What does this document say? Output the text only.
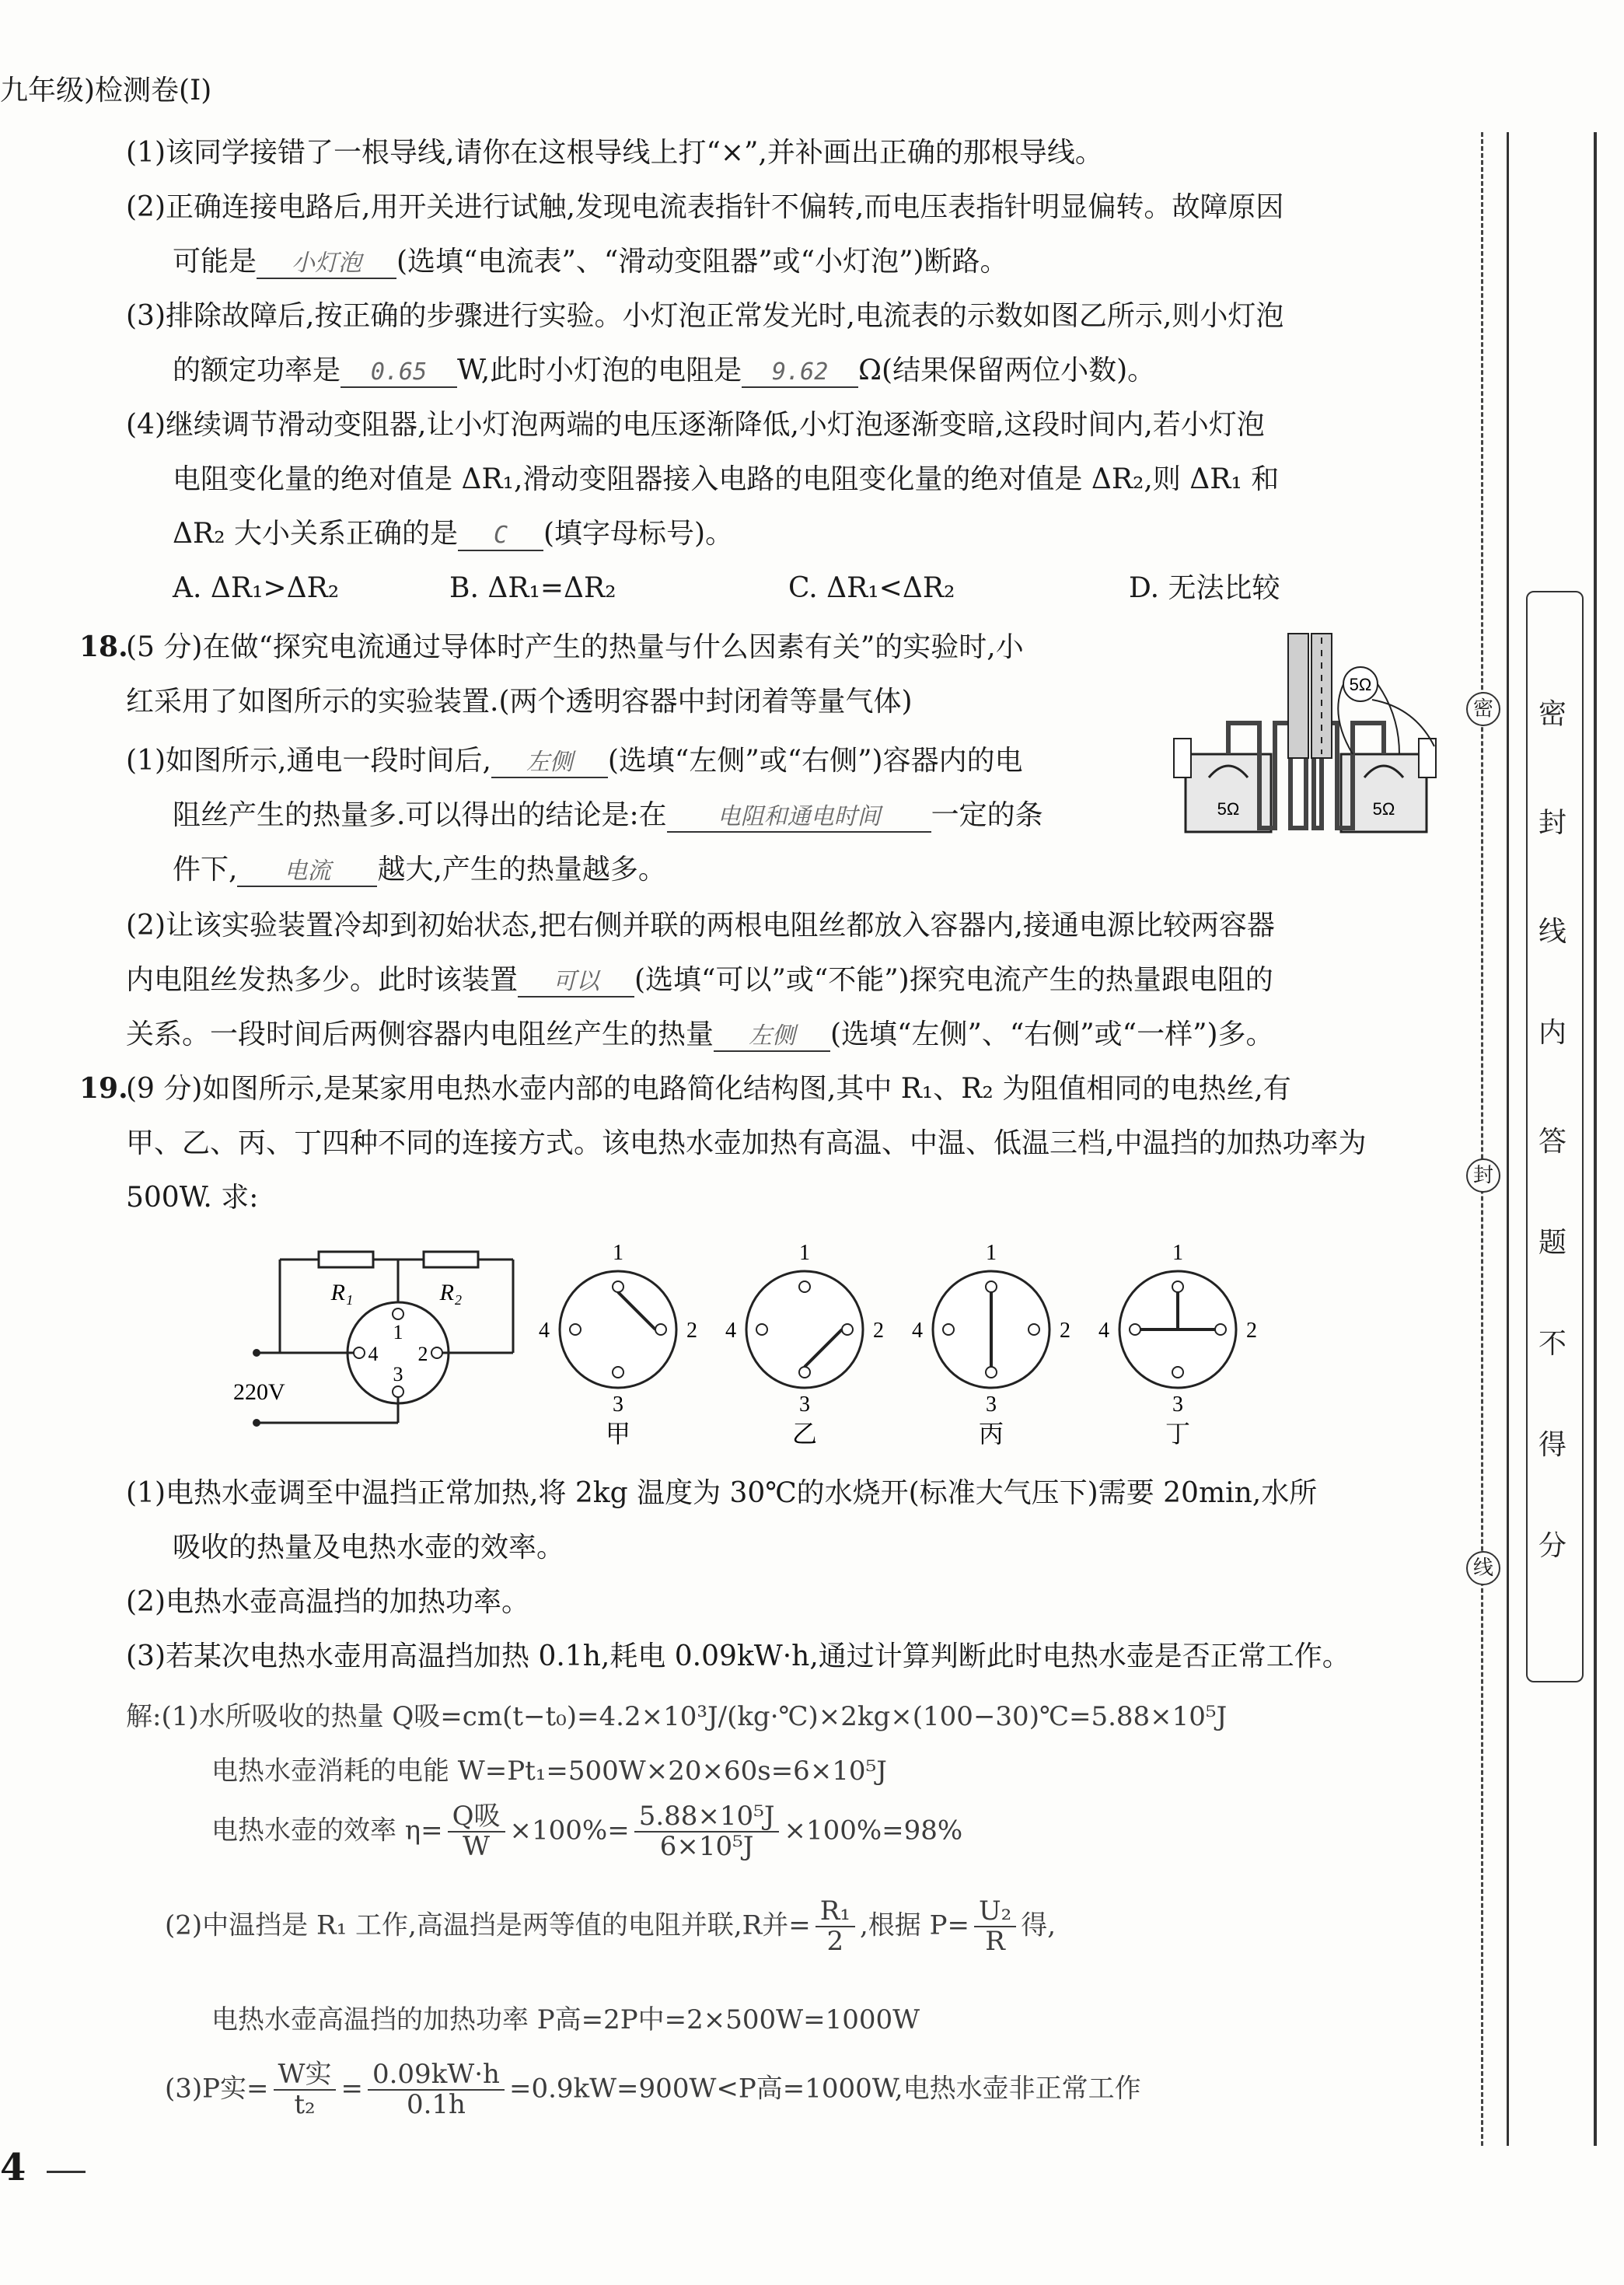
九年级)检测卷(Ⅰ)
(1)该同学接错了一根导线,请你在这根导线上打“×”,并补画出正确的那根导线。
(2)正确连接电路后,用开关进行试触,发现电流表指针不偏转,而电压表指针明显偏转。故障原因
可能是 小灯泡 (选填“电流表”、“滑动变阻器”或“小灯泡”)断路。
(3)排除故障后,按正确的步骤进行实验。小灯泡正常发光时,电流表的示数如图乙所示,则小灯泡
的额定功率是 0.65 W,此时小灯泡的电阻是 9.62 Ω(结果保留两位小数)。
(4)继续调节滑动变阻器,让小灯泡两端的电压逐渐降低,小灯泡逐渐变暗,这段时间内,若小灯泡
电阻变化量的绝对值是 ΔR₁,滑动变阻器接入电路的电阻变化量的绝对值是 ΔR₂,则 ΔR₁ 和
ΔR₂ 大小关系正确的是 C (填字母标号)。
A. ΔR₁>ΔR₂	B. ΔR₁=ΔR₂	C. ΔR₁<ΔR₂	D. 无法比较
18.
(5 分)在做“探究电流通过导体时产生的热量与什么因素有关”的实验时,小
红采用了如图所示的实验装置.(两个透明容器中封闭着等量气体)
(1)如图所示,通电一段时间后, 左侧 (选填“左侧”或“右侧”)容器内的电
阻丝产生的热量多.可以得出的结论是:在 电阻和通电时间 一定的条
件下, 电流 越大,产生的热量越多。
(2)让该实验装置冷却到初始状态,把右侧并联的两根电阻丝都放入容器内,接通电源比较两容器
内电阻丝发热多少。此时该装置 可以 (选填“可以”或“不能”)探究电流产生的热量跟电阻的
关系。一段时间后两侧容器内电阻丝产生的热量 左侧 (选填“左侧”、“右侧”或“一样”)多。
5Ω
5Ω	5Ω
19.
(9 分)如图所示,是某家用电热水壶内部的电路简化结构图,其中 R₁、R₂ 为阻值相同的电热丝,有
甲、乙、丙、丁四种不同的连接方式。该电热水壶加热有高温、中温、低温三档,中温挡的加热功率为
500W. 求:
R₁	R₂
1
4 2
3
220V
1
4	2
3
甲
1
4	2
3
乙
1
4	2
3
丙
1
4	2
3
丁
(1)电热水壶调至中温挡正常加热,将 2kg 温度为 30℃的水烧开(标准大气压下)需要 20min,水所
吸收的热量及电热水壶的效率。
(2)电热水壶高温挡的加热功率。
(3)若某次电热水壶用高温挡加热 0.1h,耗电 0.09kW·h,通过计算判断此时电热水壶是否正常工作。
解:(1)水所吸收的热量 Q吸=cm(t−t₀)=4.2×10³J/(kg·℃)×2kg×(100−30)℃=5.88×10⁵J
电热水壶消耗的电能 W=Pt₁=500W×20×60s=6×10⁵J
电热水壶的效率 $\eta= \frac{\text{Q吸}}{W} \times 100\%= \frac{\text{5.88×10⁵J}}{\text{6×10⁵J}} \times 100\%=98\%$
(2)中温挡是 R₁ 工作,高温挡是两等值的电阻并联,R并= $\frac{\text{R₁}}{2}$ ,根据 $P= \frac{\text{U₂}}{R}$ 得,
电热水壶高温挡的加热功率 P高=2P中=2×500W=1000W
(3)P实= $\frac{\text{W实}}{\text{t₂}} = \frac{0.09kW\cdot h}{0.1h} =0.9kW=900W<P$高=1000W,电热水壶非正常工作
密
封
线
密
封
线
内
答
题
不
得
分
4
